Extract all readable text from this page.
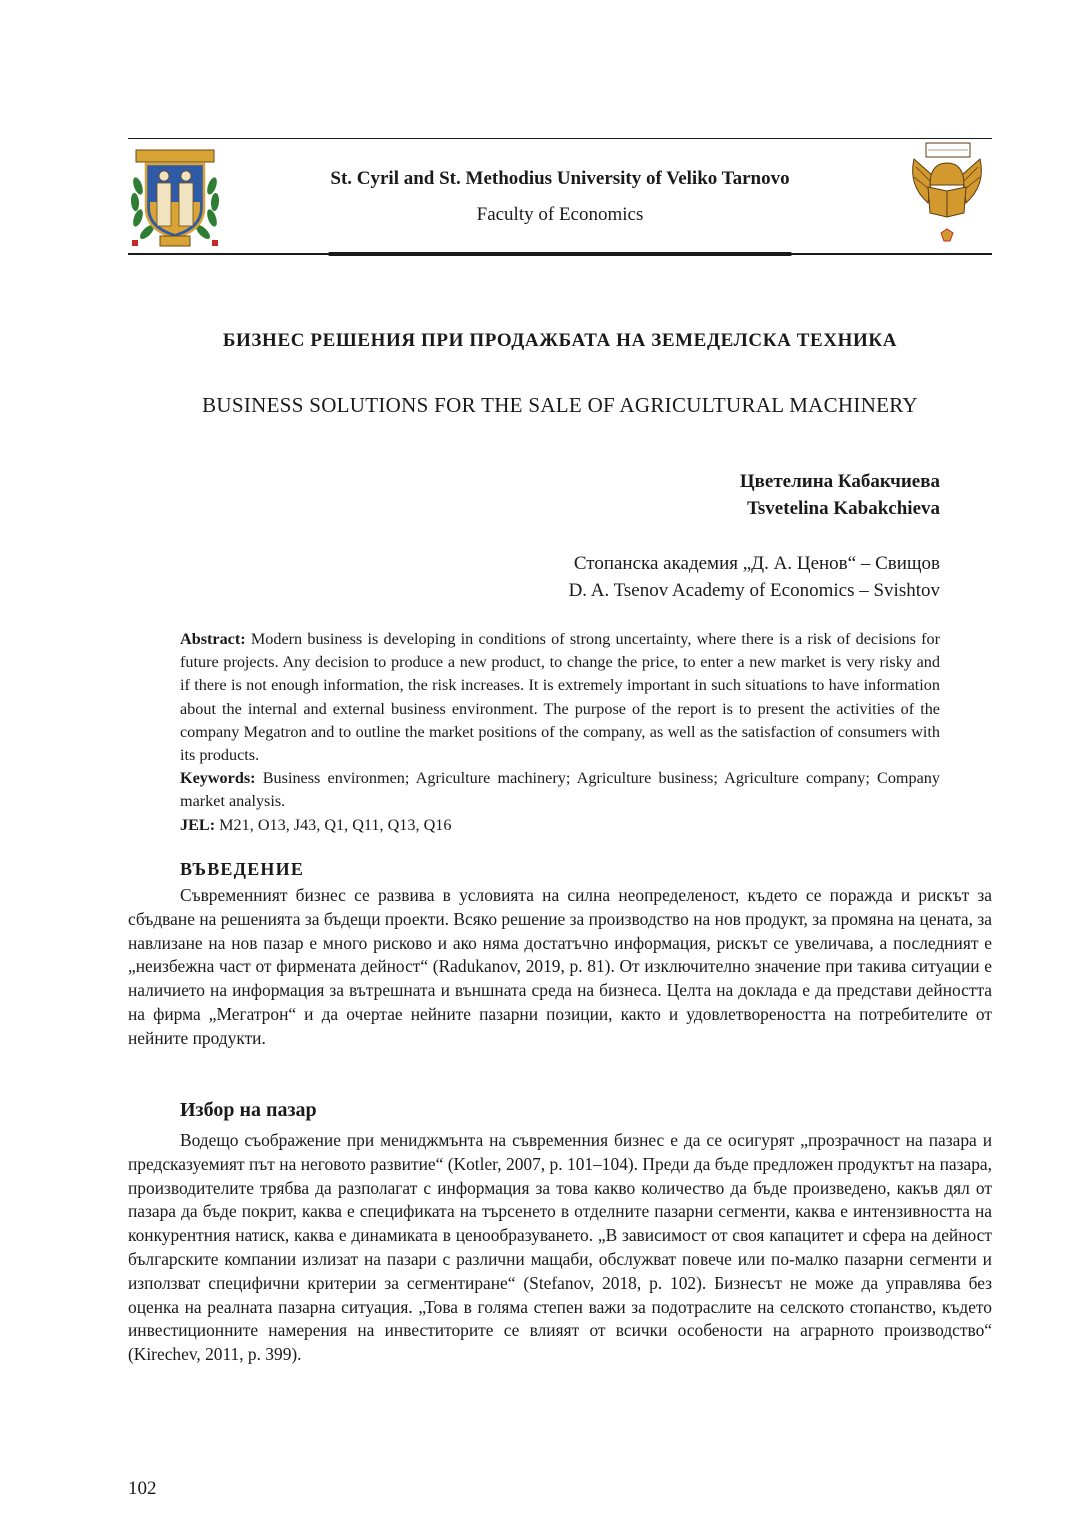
St. Cyril and St. Methodius University of Veliko Tarnovo
Faculty of Economics
БИЗНЕС РЕШЕНИЯ ПРИ ПРОДАЖБАТА НА ЗЕМЕДЕЛСКА ТЕХНИКА
BUSINESS SOLUTIONS FOR THE SALE OF AGRICULTURAL MACHINERY
Цветелина Кабакчиева
Tsvetelina Kabakchieva
Стопанска академия „Д. А. Ценов“ – Свищов
D. A. Tsenov Academy of Economics – Svishtov

Abstract: Modern business is developing in conditions of strong uncertainty, where there is a risk of decisions for future projects. Any decision to produce a new product, to change the price, to enter a new market is very risky and if there is not enough information, the risk increases. It is extremely important in such situations to have information about the internal and external business environment. The purpose of the report is to present the activities of the company Megatron and to outline the market positions of the company, as well as the satisfaction of consumers with its products.

Keywords: Business environmen; Agriculture machinery; Agriculture business; Agriculture company; Company market analysis.

JEL: M21, O13, J43, Q1, Q11, Q13, Q16

ВЪВЕДЕНИЕ

Съвременният бизнес се развива в условията на силна неопределеност, където се поражда и рискът за сбъдване на решенията за бъдещи проекти. Всяко решение за производство на нов продукт, за промяна на цената, за навлизане на нов пазар е много рисково и ако няма достатъчно информация, рискът се увеличава, а последният е „неизбежна част от фирмената дейност“ (Radukanov, 2019, p. 81). От изключително значение при такива ситуации е наличието на информация за вътрешната и външната среда на бизнеса. Целта на доклада е да представи дейността на фирма „Мегатрон“ и да очертае нейните пазарни позиции, както и удовлетвореността на потребителите от нейните продукти.

Избор на пазар

Водещо съображение при мениджмънта на съвременния бизнес е да се осигурят „прозрачност на пазара и предсказуемият път на неговото развитие“ (Kotler, 2007, p. 101–104). Преди да бъде предложен продуктът на пазара, производителите трябва да разполагат с информация за това какво количество да бъде произведено, какъв дял от пазара да бъде покрит, каква е спецификата на търсенето в отделните пазарни сегменти, каква е интензивността на конкурентния натиск, каква е динамиката в ценообразуването. „В зависимост от своя капацитет и сфера на дейност българските компании излизат на пазари с различни мащаби, обслужват повече или по-малко пазарни сегменти и използват специфични критерии за сегментиране“ (Stefanov, 2018, p. 102). Бизнесът не може да управлява без оценка на реалната пазарна ситуация. „Това в голяма степен важи за подотраслите на селското стопанство, където инвестиционните намерения на инвеститорите се влияят от всички особености на аграрното производство“ (Kirechev, 2011, p. 399).

102
